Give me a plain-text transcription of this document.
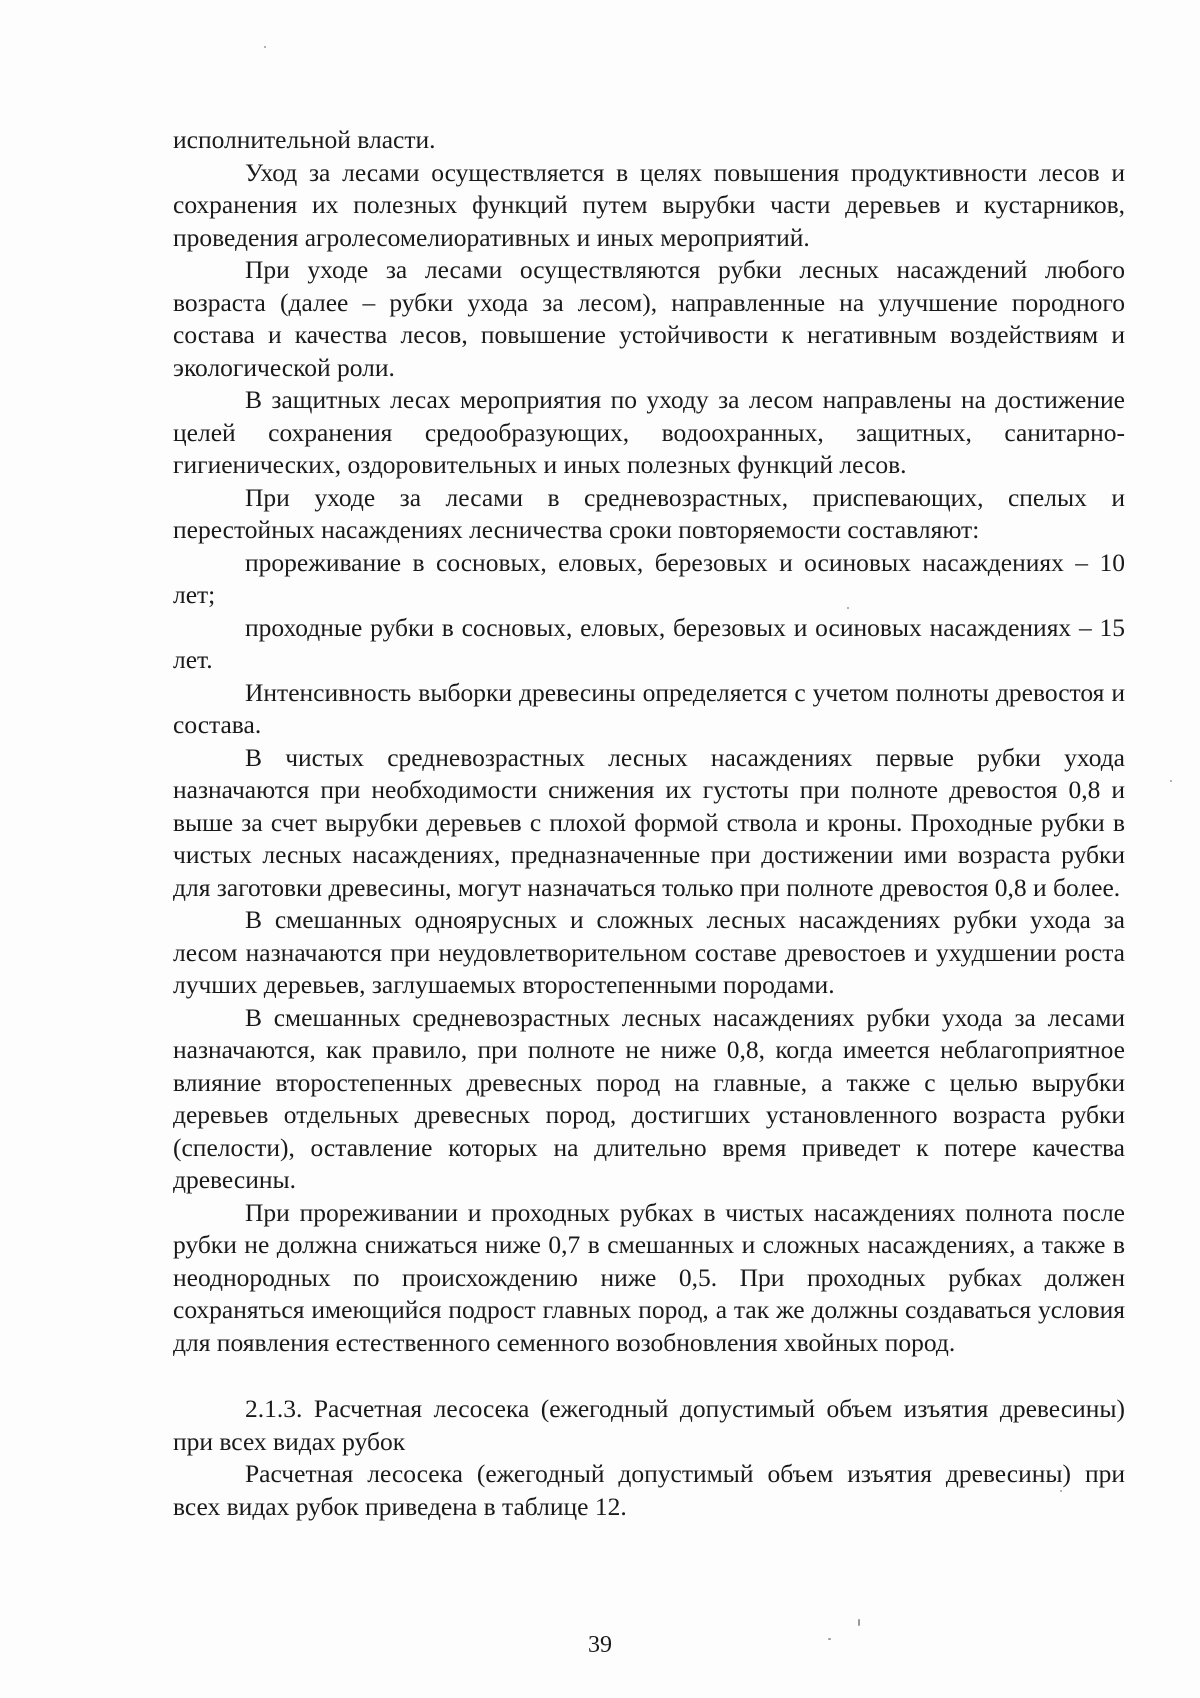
исполнительной власти.

Уход за лесами осуществляется в целях повышения продуктивности лесов и сохранения их полезных функций путем вырубки части деревьев и кустарников, проведения агролесомелиоративных и иных мероприятий.

При уходе за лесами осуществляются рубки лесных насаждений любого возраста (далее – рубки ухода за лесом), направленные на улучшение породного состава и качества лесов, повышение устойчивости к негативным воздействиям и экологической роли.

В защитных лесах мероприятия по уходу за лесом направлены на достижение целей сохранения средообразующих, водоохранных, защитных, санитарно-гигиенических, оздоровительных и иных полезных функций лесов.

При уходе за лесами в средневозрастных, приспевающих, спелых и перестойных насаждениях лесничества сроки повторяемости составляют:

прореживание в сосновых, еловых, березовых и осиновых насаждениях – 10 лет;

проходные рубки в сосновых, еловых, березовых и осиновых насаждениях – 15 лет.

Интенсивность выборки древесины определяется с учетом полноты древостоя и состава.

В чистых средневозрастных лесных насаждениях первые рубки ухода назначаются при необходимости снижения их густоты при полноте древостоя 0,8 и выше за счет вырубки деревьев с плохой формой ствола и кроны. Проходные рубки в чистых лесных насаждениях, предназначенные при достижении ими возраста рубки для заготовки древесины, могут назначаться только при полноте древостоя 0,8 и более.

В смешанных одноярусных и сложных лесных насаждениях рубки ухода за лесом назначаются при неудовлетворительном составе древостоев и ухудшении роста лучших деревьев, заглушаемых второстепенными породами.

В смешанных средневозрастных лесных насаждениях рубки ухода за лесами назначаются, как правило, при полноте не ниже 0,8, когда имеется неблагоприятное влияние второстепенных древесных пород на главные, а также с целью вырубки деревьев отдельных древесных пород, достигших установленного возраста рубки (спелости), оставление которых на длительно время приведет к потере качества древесины.

При прореживании и проходных рубках в чистых насаждениях полнота после рубки не должна снижаться ниже 0,7 в смешанных и сложных насаждениях, а также в неоднородных по происхождению ниже 0,5. При проходных рубках должен сохраняться имеющийся подрост главных пород, а так же должны создаваться условия для появления естественного семенного возобновления хвойных пород.

2.1.3. Расчетная лесосека (ежегодный допустимый объем изъятия древесины) при всех видах рубок

Расчетная лесосека (ежегодный допустимый объем изъятия древесины) при всех видах рубок приведена в таблице 12.

39
